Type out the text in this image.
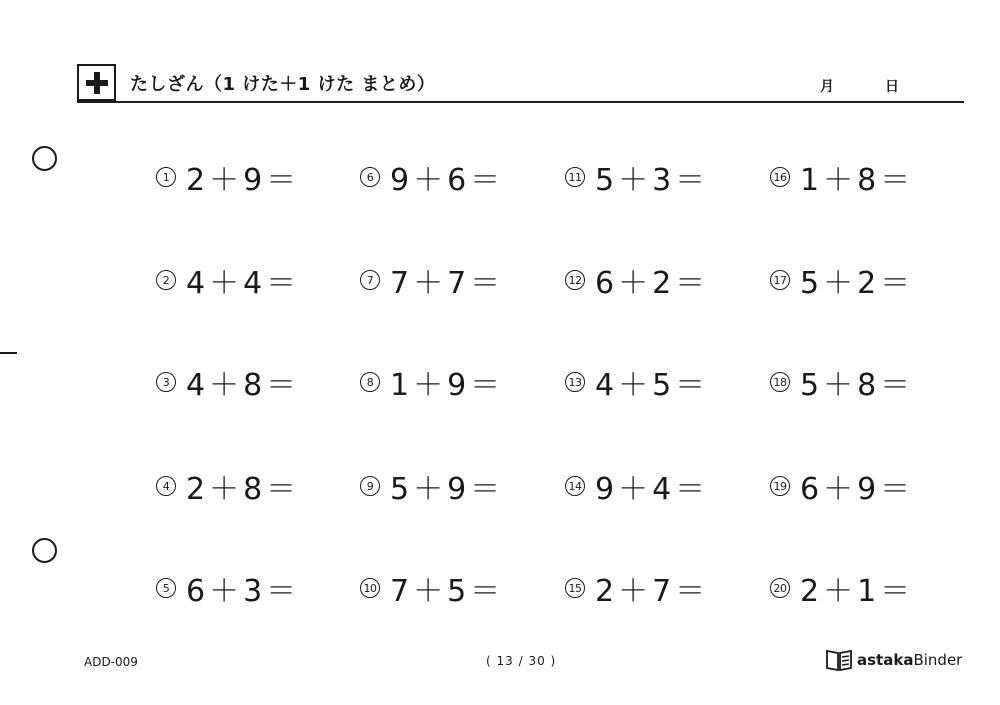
たしざん（1 けた＋1 けた まとめ）	月	日
1 2＋9＝
2 4＋4＝
3 4＋8＝
4 2＋8＝
5 6＋3＝
6 9＋6＝
7 7＋7＝
8 1＋9＝
9 5＋9＝
10 7＋5＝
11 5＋3＝
12 6＋2＝
13 4＋5＝
14 9＋4＝
15 2＋7＝
16 1＋8＝
17 5＋2＝
18 5＋8＝
19 6＋9＝
20 2＋1＝
ADD-009	( 13 / 30 )	astakaBinder
